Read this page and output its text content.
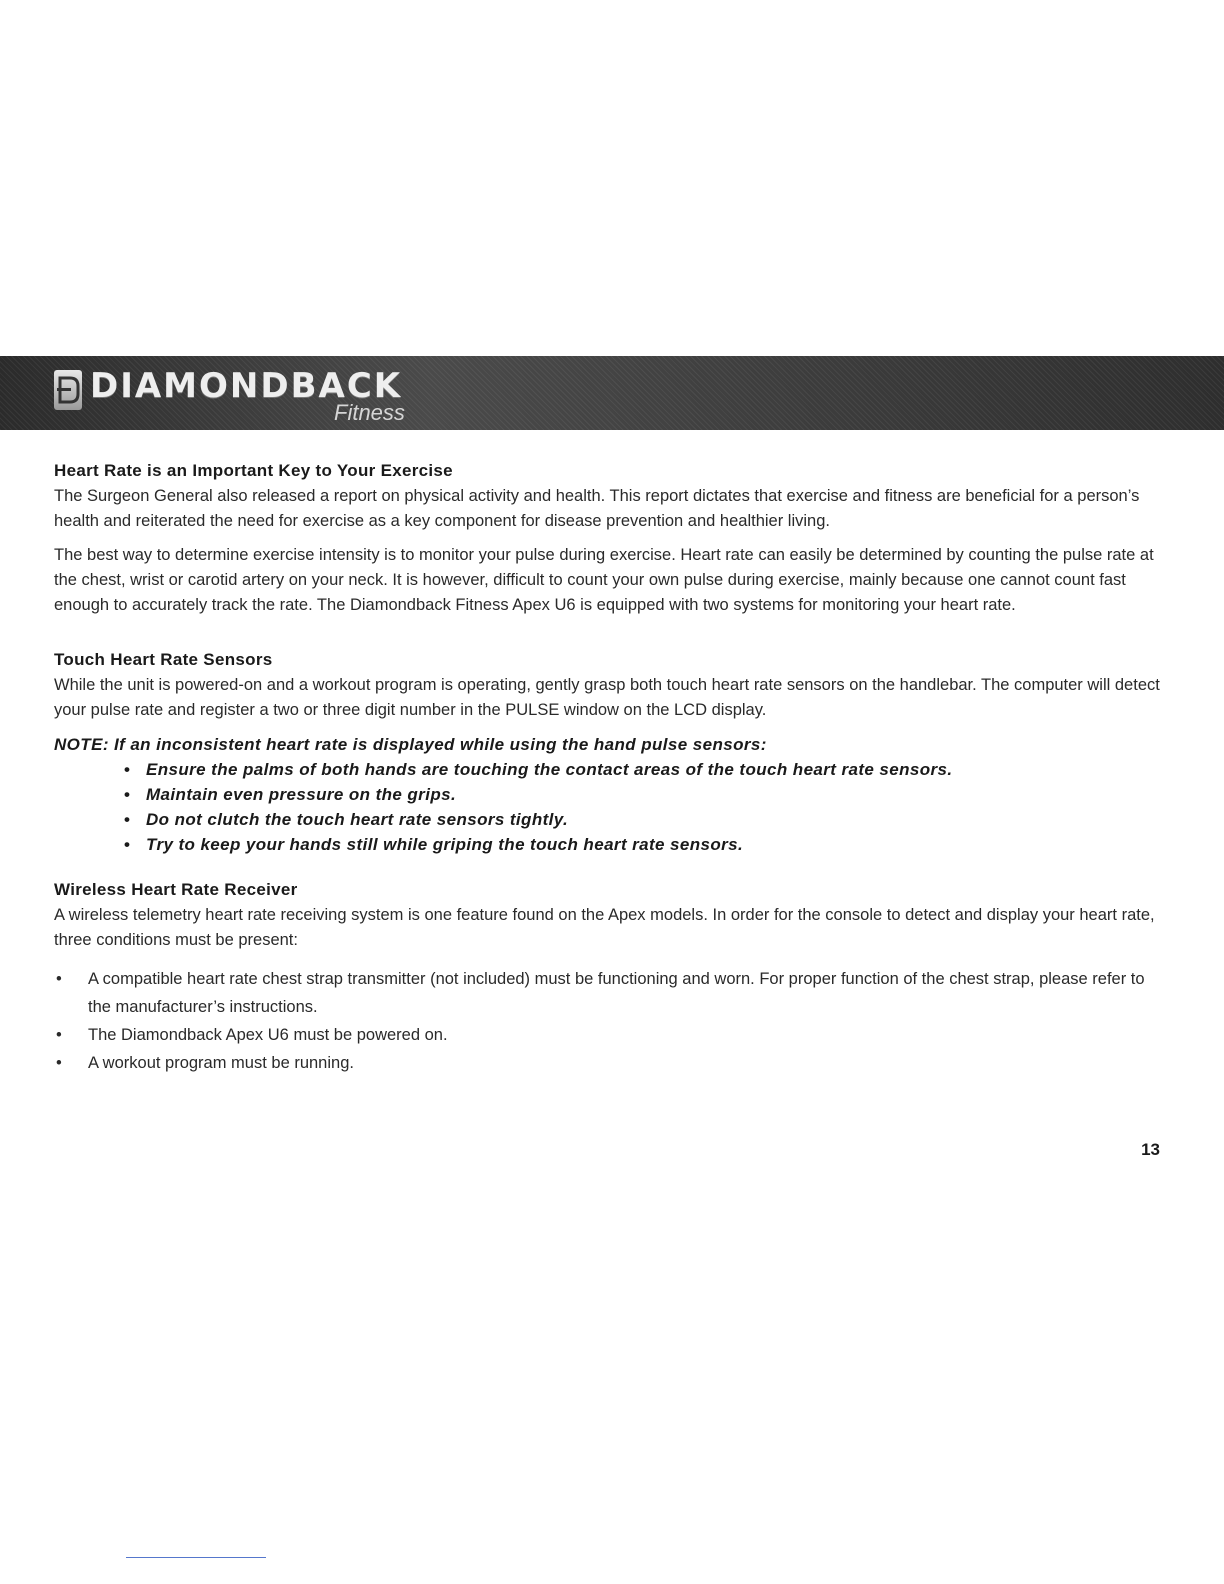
DIAMONDBACK
Fitness
Heart Rate is an Important Key to Your Exercise

The Surgeon General also released a report on physical activity and health. This report dictates that exercise and fitness are beneficial for a person’s health and reiterated the need for exercise as a key component for disease prevention and healthier living.

The best way to determine exercise intensity is to monitor your pulse during exercise. Heart rate can easily be determined by counting the pulse rate at the chest, wrist or carotid artery on your neck. It is however, difficult to count your own pulse during exercise, mainly because one cannot count fast enough to accurately track the rate. The Diamondback Fitness Apex U6 is equipped with two systems for monitoring your heart rate.

Touch Heart Rate Sensors

While the unit is powered-on and a workout program is operating, gently grasp both touch heart rate sensors on the handlebar. The computer will detect your pulse rate and register a two or three digit number in the PULSE window on the LCD display.

NOTE: If an inconsistent heart rate is displayed while using the hand pulse sensors:
• Ensure the palms of both hands are touching the contact areas of the touch heart rate sensors.
• Maintain even pressure on the grips.
• Do not clutch the touch heart rate sensors tightly.
• Try to keep your hands still while griping the touch heart rate sensors.
Wireless Heart Rate Receiver

A wireless telemetry heart rate receiving system is one feature found on the Apex models. In order for the console to detect and display your heart rate, three conditions must be present:

• A compatible heart rate chest strap transmitter (not included) must be functioning and worn. For proper function of the chest strap, please refer to the manufacturer’s instructions.
• The Diamondback Apex U6 must be powered on.
• A workout program must be running.
13
